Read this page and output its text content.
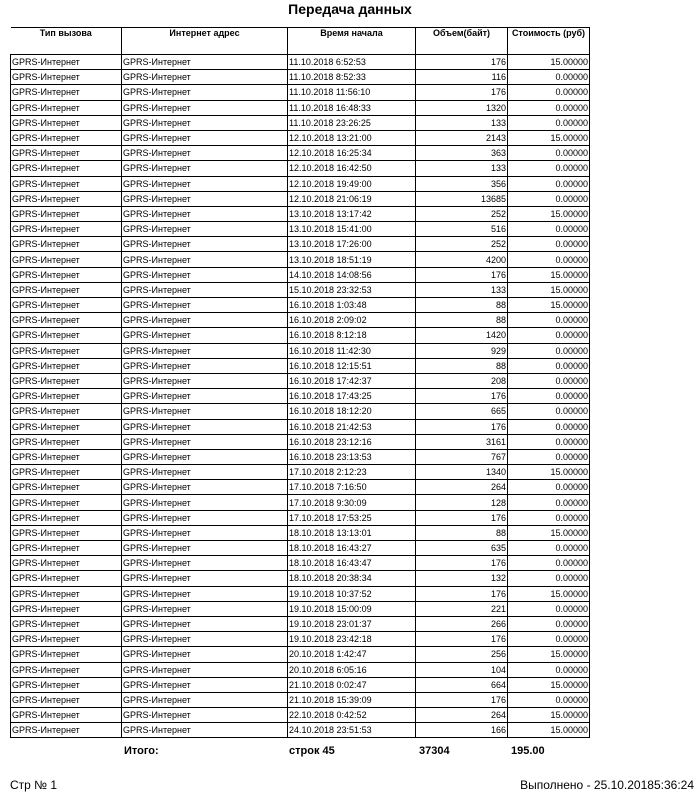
Передача данных
Тип вызова	Интернет адрес	Время начала	Объем(байт)	Стоимость (руб)
GPRS-Интернет	GPRS-Интернет	11.10.2018 6:52:53	176	15.00000
GPRS-Интернет	GPRS-Интернет	11.10.2018 8:52:33	116	0.00000
GPRS-Интернет	GPRS-Интернет	11.10.2018 11:56:10	176	0.00000
GPRS-Интернет	GPRS-Интернет	11.10.2018 16:48:33	1320	0.00000
GPRS-Интернет	GPRS-Интернет	11.10.2018 23:26:25	133	0.00000
GPRS-Интернет	GPRS-Интернет	12.10.2018 13:21:00	2143	15.00000
GPRS-Интернет	GPRS-Интернет	12.10.2018 16:25:34	363	0.00000
GPRS-Интернет	GPRS-Интернет	12.10.2018 16:42:50	133	0.00000
GPRS-Интернет	GPRS-Интернет	12.10.2018 19:49:00	356	0.00000
GPRS-Интернет	GPRS-Интернет	12.10.2018 21:06:19	13685	0.00000
GPRS-Интернет	GPRS-Интернет	13.10.2018 13:17:42	252	15.00000
GPRS-Интернет	GPRS-Интернет	13.10.2018 15:41:00	516	0.00000
GPRS-Интернет	GPRS-Интернет	13.10.2018 17:26:00	252	0.00000
GPRS-Интернет	GPRS-Интернет	13.10.2018 18:51:19	4200	0.00000
GPRS-Интернет	GPRS-Интернет	14.10.2018 14:08:56	176	15.00000
GPRS-Интернет	GPRS-Интернет	15.10.2018 23:32:53	133	15.00000
GPRS-Интернет	GPRS-Интернет	16.10.2018 1:03:48	88	15.00000
GPRS-Интернет	GPRS-Интернет	16.10.2018 2:09:02	88	0.00000
GPRS-Интернет	GPRS-Интернет	16.10.2018 8:12:18	1420	0.00000
GPRS-Интернет	GPRS-Интернет	16.10.2018 11:42:30	929	0.00000
GPRS-Интернет	GPRS-Интернет	16.10.2018 12:15:51	88	0.00000
GPRS-Интернет	GPRS-Интернет	16.10.2018 17:42:37	208	0.00000
GPRS-Интернет	GPRS-Интернет	16.10.2018 17:43:25	176	0.00000
GPRS-Интернет	GPRS-Интернет	16.10.2018 18:12:20	665	0.00000
GPRS-Интернет	GPRS-Интернет	16.10.2018 21:42:53	176	0.00000
GPRS-Интернет	GPRS-Интернет	16.10.2018 23:12:16	3161	0.00000
GPRS-Интернет	GPRS-Интернет	16.10.2018 23:13:53	767	0.00000
GPRS-Интернет	GPRS-Интернет	17.10.2018 2:12:23	1340	15.00000
GPRS-Интернет	GPRS-Интернет	17.10.2018 7:16:50	264	0.00000
GPRS-Интернет	GPRS-Интернет	17.10.2018 9:30:09	128	0.00000
GPRS-Интернет	GPRS-Интернет	17.10.2018 17:53:25	176	0.00000
GPRS-Интернет	GPRS-Интернет	18.10.2018 13:13:01	88	15.00000
GPRS-Интернет	GPRS-Интернет	18.10.2018 16:43:27	635	0.00000
GPRS-Интернет	GPRS-Интернет	18.10.2018 16:43:47	176	0.00000
GPRS-Интернет	GPRS-Интернет	18.10.2018 20:38:34	132	0.00000
GPRS-Интернет	GPRS-Интернет	19.10.2018 10:37:52	176	15.00000
GPRS-Интернет	GPRS-Интернет	19.10.2018 15:00:09	221	0.00000
GPRS-Интернет	GPRS-Интернет	19.10.2018 23:01:37	266	0.00000
GPRS-Интернет	GPRS-Интернет	19.10.2018 23:42:18	176	0.00000
GPRS-Интернет	GPRS-Интернет	20.10.2018 1:42:47	256	15.00000
GPRS-Интернет	GPRS-Интернет	20.10.2018 6:05:16	104	0.00000
GPRS-Интернет	GPRS-Интернет	21.10.2018 0:02:47	664	15.00000
GPRS-Интернет	GPRS-Интернет	21.10.2018 15:39:09	176	0.00000
GPRS-Интернет	GPRS-Интернет	22.10.2018 0:42:52	264	15.00000
GPRS-Интернет	GPRS-Интернет	24.10.2018 23:51:53	166	15.00000
Итого:	строк 45	37304	195.00
Стр № 1	Выполнено - 25.10.20185:36:24
